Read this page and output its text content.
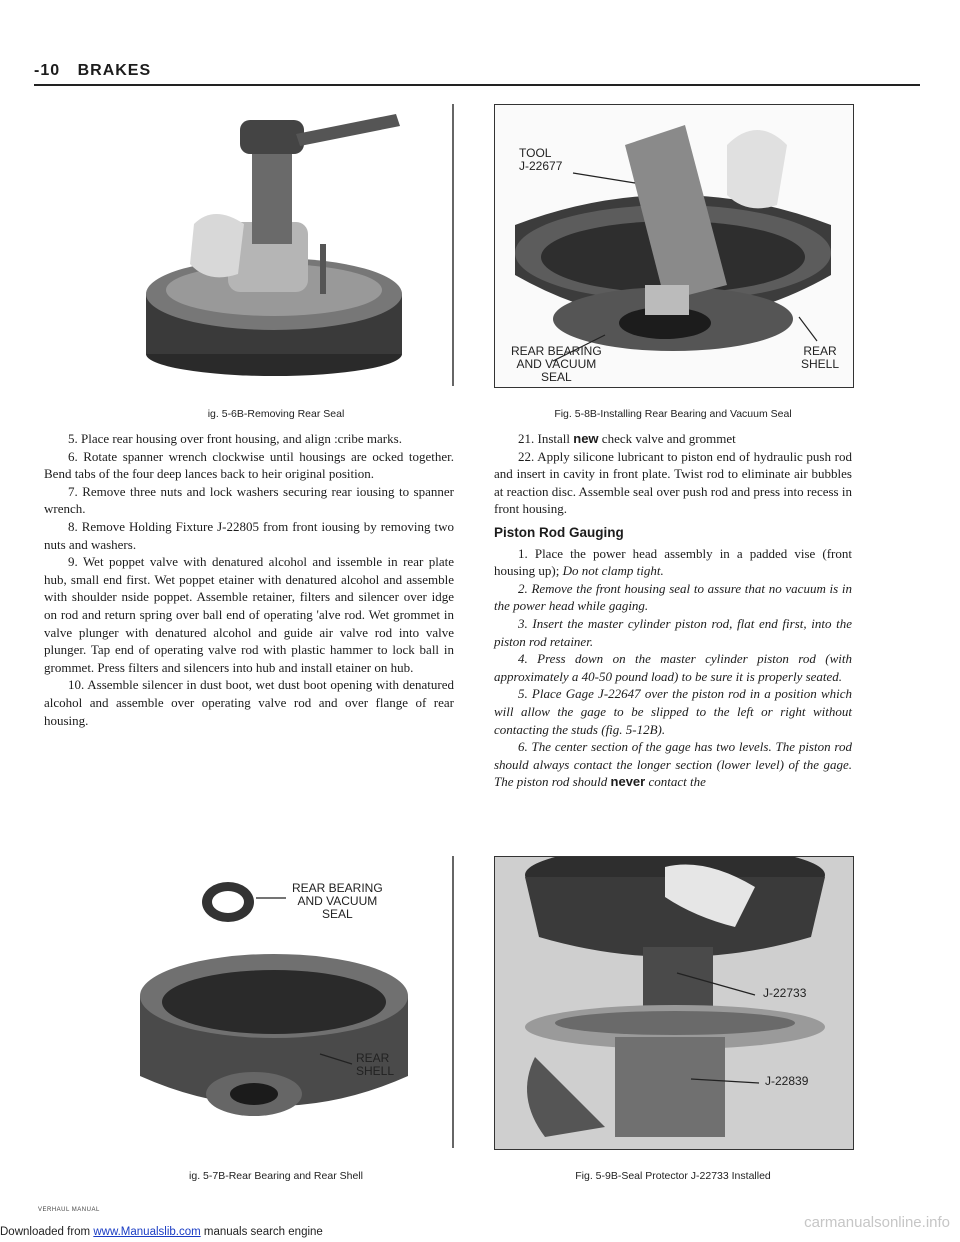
-10 BRAKES
ig. 5-6B-Removing Rear Seal
TOOL
J-22677
REAR BEARING
AND VACUUM
SEAL
REAR
SHELL
Fig. 5-8B-Installing Rear Bearing and Vacuum Seal

5. Place rear housing over front housing, and align :cribe marks.

6. Rotate spanner wrench clockwise until housings are ocked together. Bend tabs of the four deep lances back to heir original position.

7. Remove three nuts and lock washers securing rear iousing to spanner wrench.

8. Remove Holding Fixture J-22805 from front iousing by removing two nuts and washers.

9. Wet poppet valve with denatured alcohol and issemble in rear plate hub, small end first. Wet poppet etainer with denatured alcohol and assemble with shoulder nside poppet. Assemble retainer, filters and silencer over idge on rod and return spring over ball end of operating 'alve rod. Wet grommet in valve plunger with denatured alcohol and guide air valve rod into valve plunger. Tap end of operating valve rod with plastic hammer to lock ball in grommet. Press filters and silencers into hub and install etainer on hub.

10. Assemble silencer in dust boot, wet dust boot opening with denatured alcohol and assemble over operating valve rod and over flange of rear housing.

21. Install new check valve and grommet

22. Apply silicone lubricant to piston end of hydraulic push rod and insert in cavity in front plate. Twist rod to eliminate air bubbles at reaction disc. Assemble seal over push rod and press into recess in front housing.

Piston Rod Gauging

1. Place the power head assembly in a padded vise (front housing up); Do not clamp tight.

2. Remove the front housing seal to assure that no vacuum is in the power head while gaging.

3. Insert the master cylinder piston rod, flat end first, into the piston rod retainer.

4. Press down on the master cylinder piston rod (with approximately a 40-50 pound load) to be sure it is properly seated.

5. Place Gage J-22647 over the piston rod in a position which will allow the gage to be slipped to the left or right without contacting the studs (fig. 5-12B).

6. The center section of the gage has two levels. The piston rod should always contact the longer section (lower level) of the gage. The piston rod should never contact the

REAR BEARING
AND VACUUM
SEAL
REAR
SHELL
ig. 5-7B-Rear Bearing and Rear Shell
J-22733
J-22839
Fig. 5-9B-Seal Protector J-22733 Installed
VERHAUL MANUAL
Downloaded from www.Manualslib.com manuals search engine
carmanualsonline.info
